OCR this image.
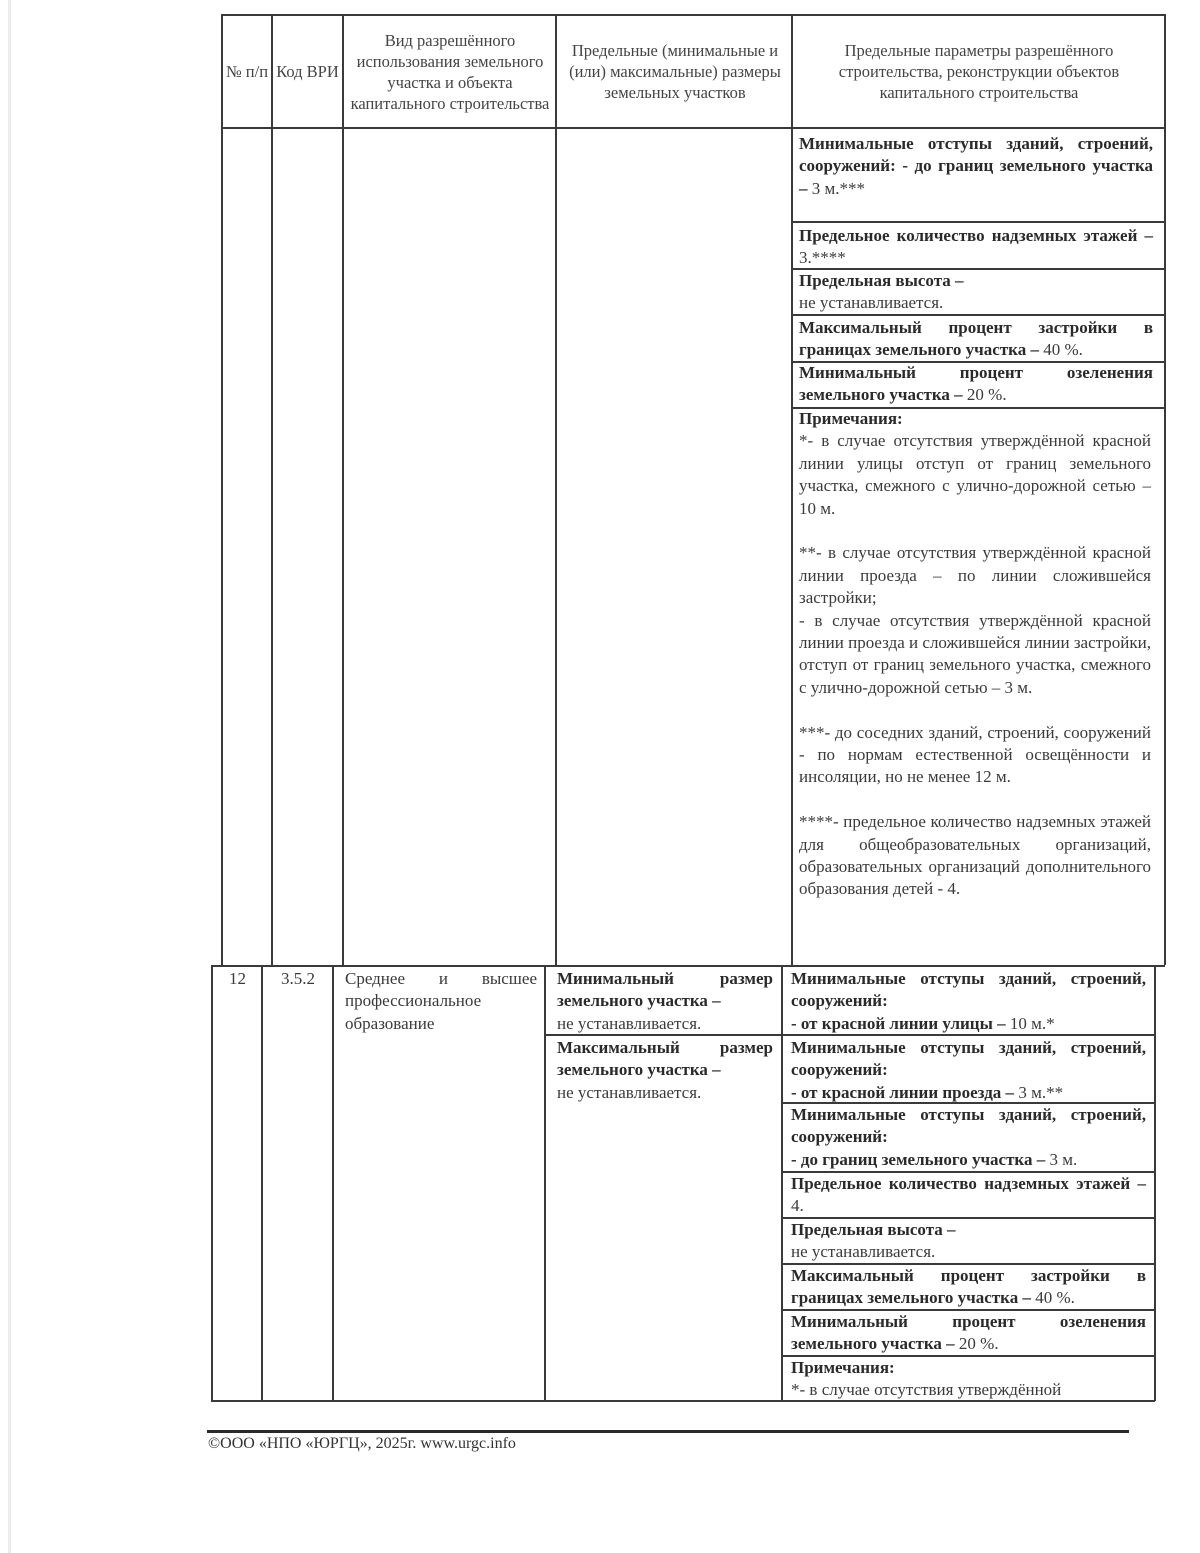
№ п/п Код ВРИ
Вид разрешённого использования земельного участка и объекта капитального строительства
Предельные (минимальные и (или) максимальные) размеры земельных участков
Предельные параметры разрешённого строительства, реконструкции объектов капитального строительства

Минимальные отступы зданий, строений, сооружений: - до границ земельного участка – 3 м.***

Предельное количество надземных этажей – 3.****

Предельная высота –
не устанавливается.

Максимальный процент застройки в границах земельного участка – 40 %.

Минимальный процент озеленения земельного участка – 20 %.

Примечания:

*- в случае отсутствия утверждённой красной линии улицы отступ от границ земельного участка, смежного с улично-дорожной сетью – 10 м.

**- в случае отсутствия утверждённой красной линии проезда – по линии сложившейся застройки;

- в случае отсутствия утверждённой красной линии проезда и сложившейся линии застройки, отступ от границ земельного участка, смежного с улично-дорожной сетью – 3 м.

***- до соседних зданий, строений, сооружений - по нормам естественной освещённости и инсоляции, но не менее 12 м.

****- предельное количество надземных этажей для общеобразовательных организаций, образовательных организаций дополнительного образования детей - 4.

12	3.5.2	Среднее и высшее профессиональное образование

Минимальный размер земельного участка –
не устанавливается.

Максимальный размер земельного участка –
не устанавливается.

Минимальные отступы зданий, строений, сооружений:
- от красной линии улицы – 10 м.*

Минимальные отступы зданий, строений, сооружений:
- от красной линии проезда – 3 м.**

Минимальные отступы зданий, строений, сооружений:
- до границ земельного участка – 3 м.

Предельное количество надземных этажей – 4.

Предельная высота –
не устанавливается.

Максимальный процент застройки в границах земельного участка – 40 %.

Минимальный процент озеленения земельного участка – 20 %.

Примечания:
*- в случае отсутствия утверждённой

©ООО «НПО «ЮРГЦ», 2025г. www.urgc.info
